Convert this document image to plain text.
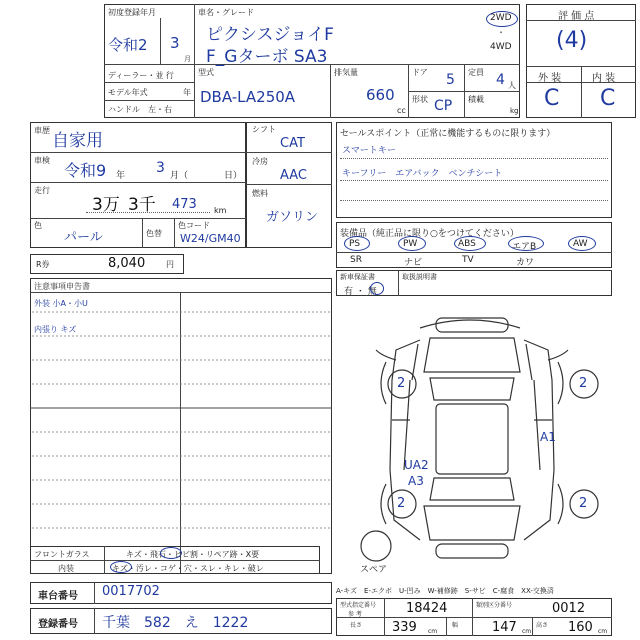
初度登録年月
令和2 3
月
車名・グレード
ピクシスジョイF
F_Gターボ SA3
2WD
・
4WD
ディーラー・並 行
モデル年式	年
ハンドル　左・右
型式
DBA-LA250A
排気量
660
cc
ドア 5 定員 4 人
形状 CP 積載
kg
評 価 点
(4)
外 装	内 装
C C
車歴
自家用
車検
令和9 年 3 月（	日）
走行
3万 3千 473 km
色
パール	色替
色コード
W24/GM40
シフト
CAT
冷房
AAC
燃料
ガソリン
R券	8,040	円
セールスポイント（正常に機能するものに限ります）
スマートキー
キーフリー　エアバック　ベンチシート
装備品（純正品に限り○をつけてください）
PS	PW	ABS	エアB	AW
SR	ナビ	TV	カワ
新車保証書
有 ・ 無
取扱説明書
注意事項申告書
外装 小A・小U
内張り キズ
2	2
2	2
A1
UA2
A3
スペア
フロントガラス	キズ・飛石・ヒビ割・リペア跡・X要
内装	キズ・汚レ・コゲ・穴・スレ・キレ・破レ
A-キズ　E-エクボ　U-凹み　W-補修跡　S-サビ　C-腐食　XX-交換済
車台番号 0017702
登録番号 千葉　582　え　1222
型式指定番号
参 考	18424	類別区分番号	0012
長さ 339 cm
幅	147 cm
高さ 160 cm
